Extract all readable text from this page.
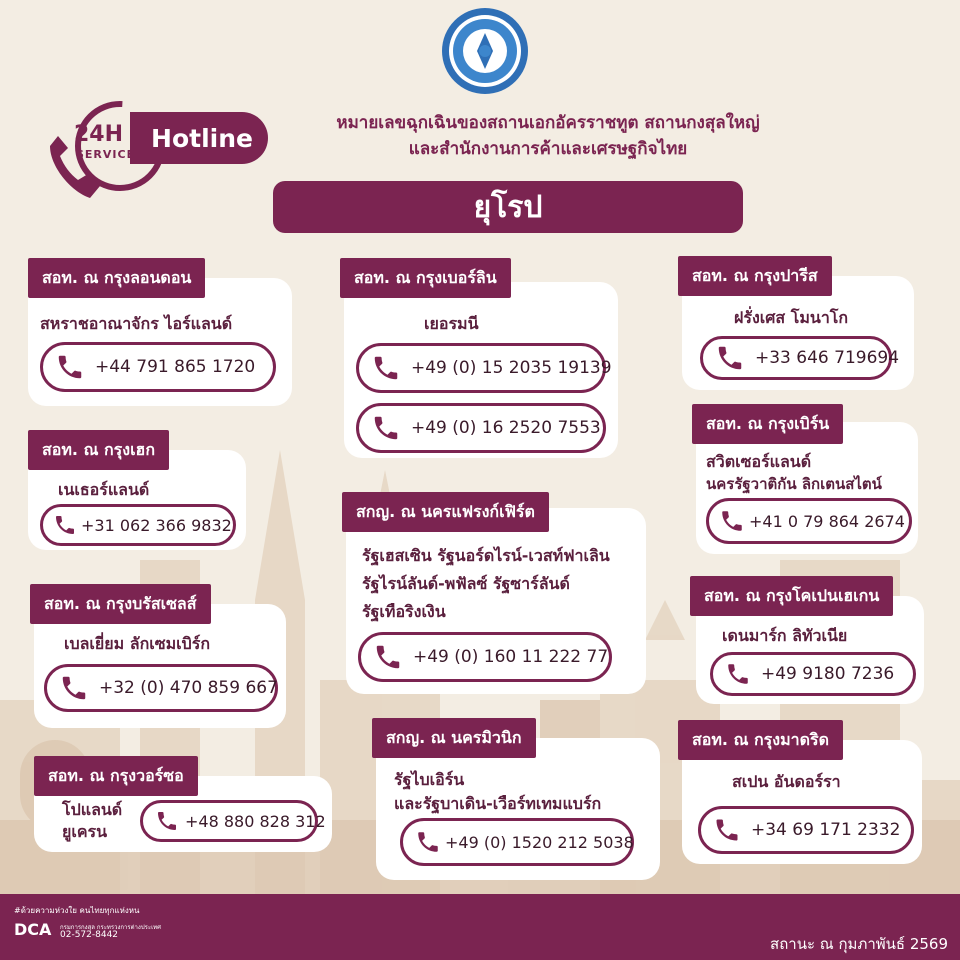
Hotline
24H
SERVICE
หมายเลขฉุกเฉินของสถานเอกอัครราชทูต สถานกงสุลใหญ่
และสำนักงานการค้าและเศรษฐกิจไทย
ยุโรป
สอท. ณ กรุงลอนดอน
สหราชอาณาจักร ไอร์แลนด์
+44 791 865 1720
สอท. ณ กรุงเบอร์ลิน
เยอรมนี
+49 (0) 15 2035 19139
+49 (0) 16 2520 7553
สอท. ณ กรุงปารีส
ฝรั่งเศส โมนาโก
+33 646 719694
สอท. ณ กรุงเฮก
เนเธอร์แลนด์
+31 062 366 9832
สอท. ณ กรุงเบิร์น
สวิตเซอร์แลนด์
นครรัฐวาติกัน ลิกเตนสไตน์
+41 0 79 864 2674
สกญ. ณ นครแฟรงก์เฟิร์ต
รัฐเฮสเซิน รัฐนอร์ดไรน์-เวสท์ฟาเลิน
รัฐไรน์ลันด์-พฟัลซ์ รัฐซาร์ลันด์
รัฐเทือริงเงิน
+49 (0) 160 11 222 77
สอท. ณ กรุงบรัสเซลส์
เบลเยี่ยม ลักเซมเบิร์ก
+32 (0) 470 859 667
สอท. ณ กรุงโคเปนเฮเกน
เดนมาร์ก ลิทัวเนีย
+49 9180 7236
สอท. ณ กรุงวอร์ซอ
โปแลนด์
ยูเครน
+48 880 828 312
สกญ. ณ นครมิวนิก
รัฐไบเอิร์น
และรัฐบาเดิน-เวือร์ทเทมแบร์ก
+49 (0) 1520 212 5038
สอท. ณ กรุงมาดริด
สเปน อันดอร์รา
+34 69 171 2332
#ด้วยความห่วงใย คนไทยทุกแห่งหน
DCA กรมการกงสุล กระทรวงการต่างประเทศ
02-572-8442	สถานะ ณ กุมภาพันธ์ 2569
